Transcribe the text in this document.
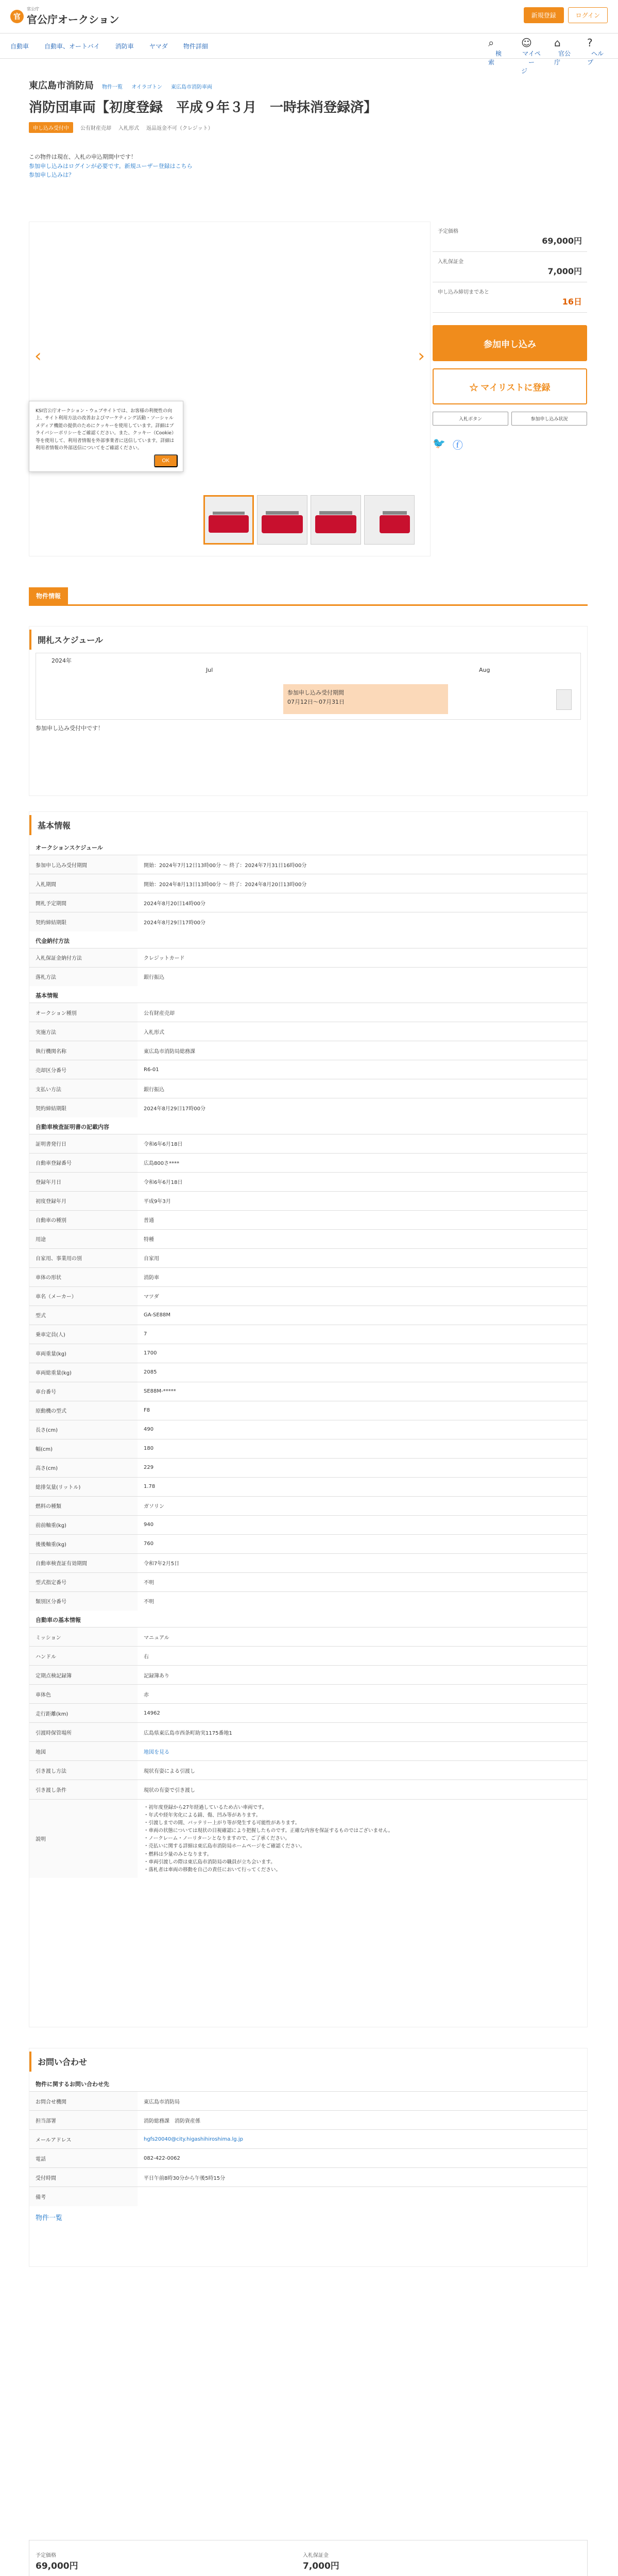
官
官公庁
官公庁オークション	新規登録	ログイン
自動車	自動車、オートバイ	消防車	ヤマダ	物件詳細	⌕
検索
☺
マイページ
⌂
官公庁
?
ヘルプ
東広島市消防局 物件一覧 オイラゴトン 東広島市消防車両
消防団車両【初度登録　平成９年３月　一時抹消登録済】
申し込み受付中	公有財産売却 入札形式 返品返金不可（クレジット）
この物件は現在、入札の申込期間中です！
参加申し込みはログインが必要です。新規ユーザー登録はこちら
参加申し込みは？
‹	›
KSI官公庁オークション・ウェブサイトでは、お客様の利便性の向上、サイト利用方法の改善およびマーケティング活動・ソーシャルメディア機能の提供のためにクッキーを使用しています。詳細はプライバシーポリシーをご確認ください。また、クッキー（Cookie）等を使用して、利用者情報を外部事業者に送信しています。詳細は利用者情報の外部送信についてをご確認ください。
OK
予定価格
69,000円
入札保証金
7,000円
申し込み締切まであと
16日
参加申し込み
☆ マイリストに登録
入札ボタン	参加申し込み状況
🐦 ⓕ
物件情報
開札スケジュール
2024年
Jul	Aug
参加申し込み受付期間
07月12日～07月31日
参加申し込み受付中です！
基本情報
オークションスケジュール
参加申し込み受付期間	開始：2024年7月12日13時00分 ～ 終了：2024年7月31日16時00分
入札期間	開始：2024年8月13日13時00分 ～ 終了：2024年8月20日13時00分
開札予定期間	2024年8月20日14時00分
契約締結期限	2024年8月29日17時00分
代金納付方法
入札保証金納付方法	クレジットカード
落札方法	銀行振込
基本情報
オークション種別	公有財産売却
実施方法	入札形式
執行機関名称	東広島市消防局総務課
売却区分番号	R6-01
支払い方法	銀行振込
契約締結期限	2024年8月29日17時00分
自動車検査証明書の記載内容
証明書発行日	令和6年6月18日
自動車登録番号	広島800さ****
登録年月日	令和6年6月18日
初度登録年月	平成9年3月
自動車の種別	普通
用途	特種
自家用、事業用の別	自家用
車体の形状	消防車
車名（メーカー）	マツダ
型式	GA-SE88M
乗車定員(人)	7
車両重量(kg)	1700
車両総重量(kg)	2085
車台番号	SE88M-*****
原動機の型式	F8
長さ(cm)	490
幅(cm)	180
高さ(cm)	229
総排気量(リットル)	1.78
燃料の種類	ガソリン
前前軸重(kg)	940
後後軸重(kg)	760
自動車検査証有効期間	令和7年2月5日
型式指定番号	不明
類別区分番号	不明
自動車の基本情報
ミッション	マニュアル
ハンドル	右
定期点検記録簿	記録簿あり
車体色	赤
走行距離(km)	14962
引渡時保管場所	広島県東広島市西条町助実1175番地1
地図	地図を見る
引き渡し方法	現状有姿による引渡し
引き渡し条件	現状の有姿で引き渡し
説明	
・初年度登録から27年経過しているため古い車両です。
・年式や経年劣化による錆、傷、凹み等があります。
・引渡しまでの間、バッテリー上がり等が発生する可能性があります。
・車両の状態については現状の目視確認により把握したものです。正確な内容を保証するものではございません。
・ノークレーム・ノーリターンとなりますので、ご了承ください。
・売払いに関する詳細は東広島市消防局ホームページをご確認ください。
・燃料は少量のみとなります。
・車両引渡しの際は東広島市消防局の職員が立ち会います。
・落札者は車両の移動を自己の責任において行ってください。
お問い合わせ
物件に関するお問い合わせ先
お問合せ機関	東広島市消防局
担当部署	消防総務課　消防資産係
メールアドレス	hgfs20040@city.higashihiroshima.lg.jp
電話	082-422-0062
受付時間	平日午前8時30分から午後5時15分
備考	
物件一覧
予定価格
69,000円
入札保証金
7,000円
